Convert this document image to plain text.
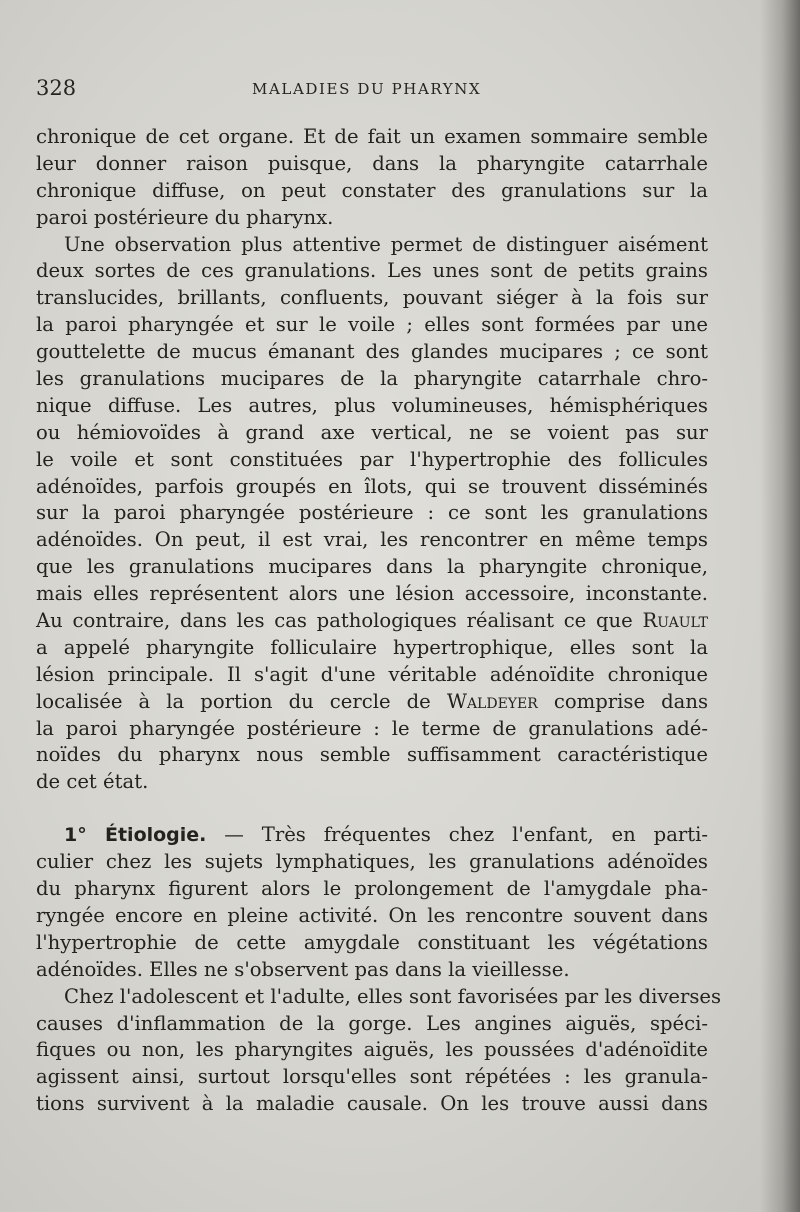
328	MALADIES DU PHARYNX
chronique de cet organe. Et de fait un examen sommaire semble
leur donner raison puisque, dans la pharyngite catarrhale
chronique diffuse, on peut constater des granulations sur la
paroi postérieure du pharynx.
Une observation plus attentive permet de distinguer aisément
deux sortes de ces granulations. Les unes sont de petits grains
translucides, brillants, confluents, pouvant siéger à la fois sur
la paroi pharyngée et sur le voile ; elles sont formées par une
gouttelette de mucus émanant des glandes mucipares ; ce sont
les granulations mucipares de la pharyngite catarrhale chro-
nique diffuse. Les autres, plus volumineuses, hémisphériques
ou hémiovoïdes à grand axe vertical, ne se voient pas sur
le voile et sont constituées par l'hypertrophie des follicules
adénoïdes, parfois groupés en îlots, qui se trouvent disséminés
sur la paroi pharyngée postérieure : ce sont les granulations
adénoïdes. On peut, il est vrai, les rencontrer en même temps
que les granulations mucipares dans la pharyngite chronique,
mais elles représentent alors une lésion accessoire, inconstante.
Au contraire, dans les cas pathologiques réalisant ce que Ruault
a appelé pharyngite folliculaire hypertrophique, elles sont la
lésion principale. Il s'agit d'une véritable adénoïdite chronique
localisée à la portion du cercle de Waldeyer comprise dans
la paroi pharyngée postérieure : le terme de granulations adé-
noïdes du pharynx nous semble suffisamment caractéristique
de cet état.
1° Étiologie. — Très fréquentes chez l'enfant, en parti-
culier chez les sujets lymphatiques, les granulations adénoïdes
du pharynx figurent alors le prolongement de l'amygdale pha-
ryngée encore en pleine activité. On les rencontre souvent dans
l'hypertrophie de cette amygdale constituant les végétations
adénoïdes. Elles ne s'observent pas dans la vieillesse.
Chez l'adolescent et l'adulte, elles sont favorisées par les diverses
causes d'inflammation de la gorge. Les angines aiguës, spéci-
fiques ou non, les pharyngites aiguës, les poussées d'adénoïdite
agissent ainsi, surtout lorsqu'elles sont répétées : les granula-
tions survivent à la maladie causale. On les trouve aussi dans
